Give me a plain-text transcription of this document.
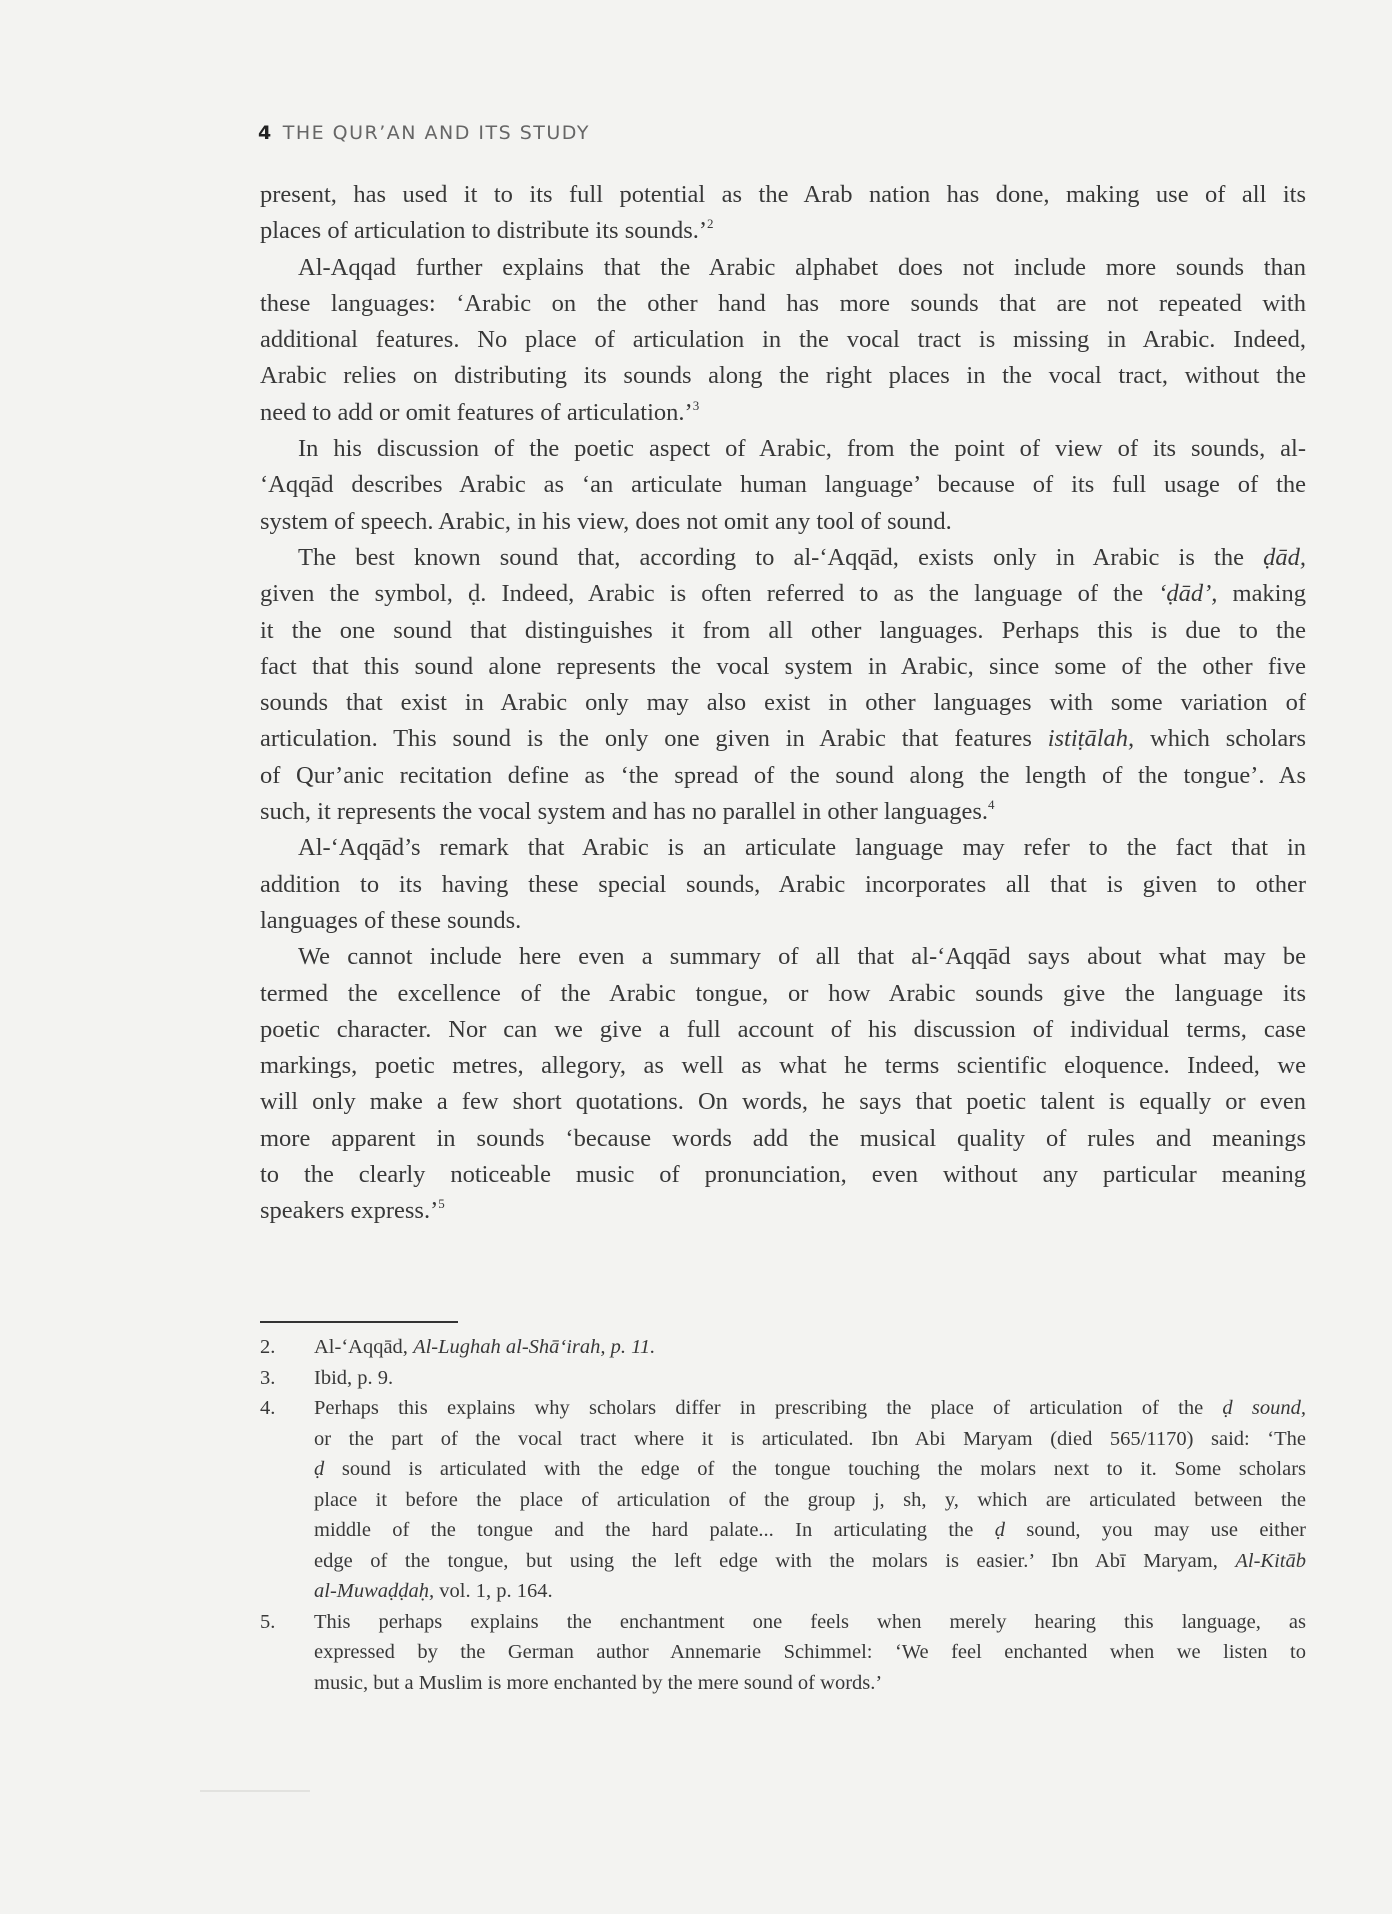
4 THE QUR’AN AND ITS STUDY
present, has used it to its full potential as the Arab nation has done, making use of all its
places of articulation to distribute its sounds.’$^2$
Al-Aqqad further explains that the Arabic alphabet does not include more sounds than
these languages: ‘Arabic on the other hand has more sounds that are not repeated with
additional features. No place of articulation in the vocal tract is missing in Arabic. Indeed,
Arabic relies on distributing its sounds along the right places in the vocal tract, without the
need to add or omit features of articulation.’$^3$
In his discussion of the poetic aspect of Arabic, from the point of view of its sounds, al-
‘Aqqād describes Arabic as ‘an articulate human language’ because of its full usage of the
system of speech. Arabic, in his view, does not omit any tool of sound.
The best known sound that, according to al-‘Aqqād, exists only in Arabic is the ḍād,
given the symbol, ḍ. Indeed, Arabic is often referred to as the language of the ‘ḍād’, making
it the one sound that distinguishes it from all other languages. Perhaps this is due to the
fact that this sound alone represents the vocal system in Arabic, since some of the other five
sounds that exist in Arabic only may also exist in other languages with some variation of
articulation. This sound is the only one given in Arabic that features istiṭālah, which scholars
of Qur’anic recitation define as ‘the spread of the sound along the length of the tongue’. As
such, it represents the vocal system and has no parallel in other languages.$^4$
Al-‘Aqqād’s remark that Arabic is an articulate language may refer to the fact that in
addition to its having these special sounds, Arabic incorporates all that is given to other
languages of these sounds.
We cannot include here even a summary of all that al-‘Aqqād says about what may be
termed the excellence of the Arabic tongue, or how Arabic sounds give the language its
poetic character. Nor can we give a full account of his discussion of individual terms, case
markings, poetic metres, allegory, as well as what he terms scientific eloquence. Indeed, we
will only make a few short quotations. On words, he says that poetic talent is equally or even
more apparent in sounds ‘because words add the musical quality of rules and meanings
to the clearly noticeable music of pronunciation, even without any particular meaning
speakers express.’$^5$
2. Al-‘Aqqād, Al-Lughah al-Shā‘irah, p. 11.
3. Ibid, p. 9.
4. Perhaps this explains why scholars differ in prescribing the place of articulation of the ḍ sound,
or the part of the vocal tract where it is articulated. Ibn Abi Maryam (died 565/1170) said: ‘The
ḍ sound is articulated with the edge of the tongue touching the molars next to it. Some scholars
place it before the place of articulation of the group j, sh, y, which are articulated between the
middle of the tongue and the hard palate... In articulating the ḍ sound, you may use either
edge of the tongue, but using the left edge with the molars is easier.’ Ibn Abī Maryam, Al-Kitāb
al-Muwaḍḍaḥ, vol. 1, p. 164.
5. This perhaps explains the enchantment one feels when merely hearing this language, as
expressed by the German author Annemarie Schimmel: ‘We feel enchanted when we listen to
music, but a Muslim is more enchanted by the mere sound of words.’
